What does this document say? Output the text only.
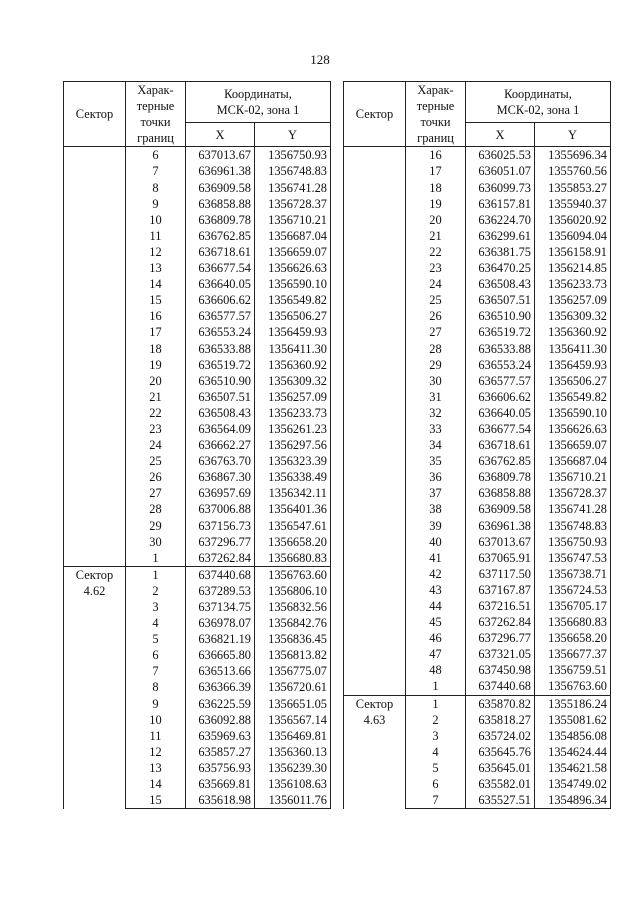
128
Сектор	Харак-
терные
точки
границ	Координаты,
МСК-02, зона 1	
		X	Y
	6	637013.67	1356750.93
	7	636961.38	1356748.83
	8	636909.58	1356741.28
	9	636858.88	1356728.37
	10	636809.78	1356710.21
	11	636762.85	1356687.04
	12	636718.61	1356659.07
	13	636677.54	1356626.63
	14	636640.05	1356590.10
	15	636606.62	1356549.82
	16	636577.57	1356506.27
	17	636553.24	1356459.93
	18	636533.88	1356411.30
	19	636519.72	1356360.92
	20	636510.90	1356309.32
	21	636507.51	1356257.09
	22	636508.43	1356233.73
	23	636564.09	1356261.23
	24	636662.27	1356297.56
	25	636763.70	1356323.39
	26	636867.30	1356338.49
	27	636957.69	1356342.11
	28	637006.88	1356401.36
	29	637156.73	1356547.61
	30	637296.77	1356658.20
	1	637262.84	1356680.83
Сектор
4.62	1	637440.68	1356763.60
	2	637289.53	1356806.10
	3	637134.75	1356832.56
	4	636978.07	1356842.76
	5	636821.19	1356836.45
	6	636665.80	1356813.82
	7	636513.66	1356775.07
	8	636366.39	1356720.61
	9	636225.59	1356651.05
	10	636092.88	1356567.14
	11	635969.63	1356469.81
	12	635857.27	1356360.13
	13	635756.93	1356239.30
	14	635669.81	1356108.63
	15	635618.98	1356011.76
Сектор	Харак-
терные
точки
границ	Координаты,
МСК-02, зона 1	
		X	Y
	16	636025.53	1355696.34
	17	636051.07	1355760.56
	18	636099.73	1355853.27
	19	636157.81	1355940.37
	20	636224.70	1356020.92
	21	636299.61	1356094.04
	22	636381.75	1356158.91
	23	636470.25	1356214.85
	24	636508.43	1356233.73
	25	636507.51	1356257.09
	26	636510.90	1356309.32
	27	636519.72	1356360.92
	28	636533.88	1356411.30
	29	636553.24	1356459.93
	30	636577.57	1356506.27
	31	636606.62	1356549.82
	32	636640.05	1356590.10
	33	636677.54	1356626.63
	34	636718.61	1356659.07
	35	636762.85	1356687.04
	36	636809.78	1356710.21
	37	636858.88	1356728.37
	38	636909.58	1356741.28
	39	636961.38	1356748.83
	40	637013.67	1356750.93
	41	637065.91	1356747.53
	42	637117.50	1356738.71
	43	637167.87	1356724.53
	44	637216.51	1356705.17
	45	637262.84	1356680.83
	46	637296.77	1356658.20
	47	637321.05	1356677.37
	48	637450.98	1356759.51
	1	637440.68	1356763.60
Сектор
4.63	1	635870.82	1355186.24
	2	635818.27	1355081.62
	3	635724.02	1354856.08
	4	635645.76	1354624.44
	5	635645.01	1354621.58
	6	635582.01	1354749.02
	7	635527.51	1354896.34
